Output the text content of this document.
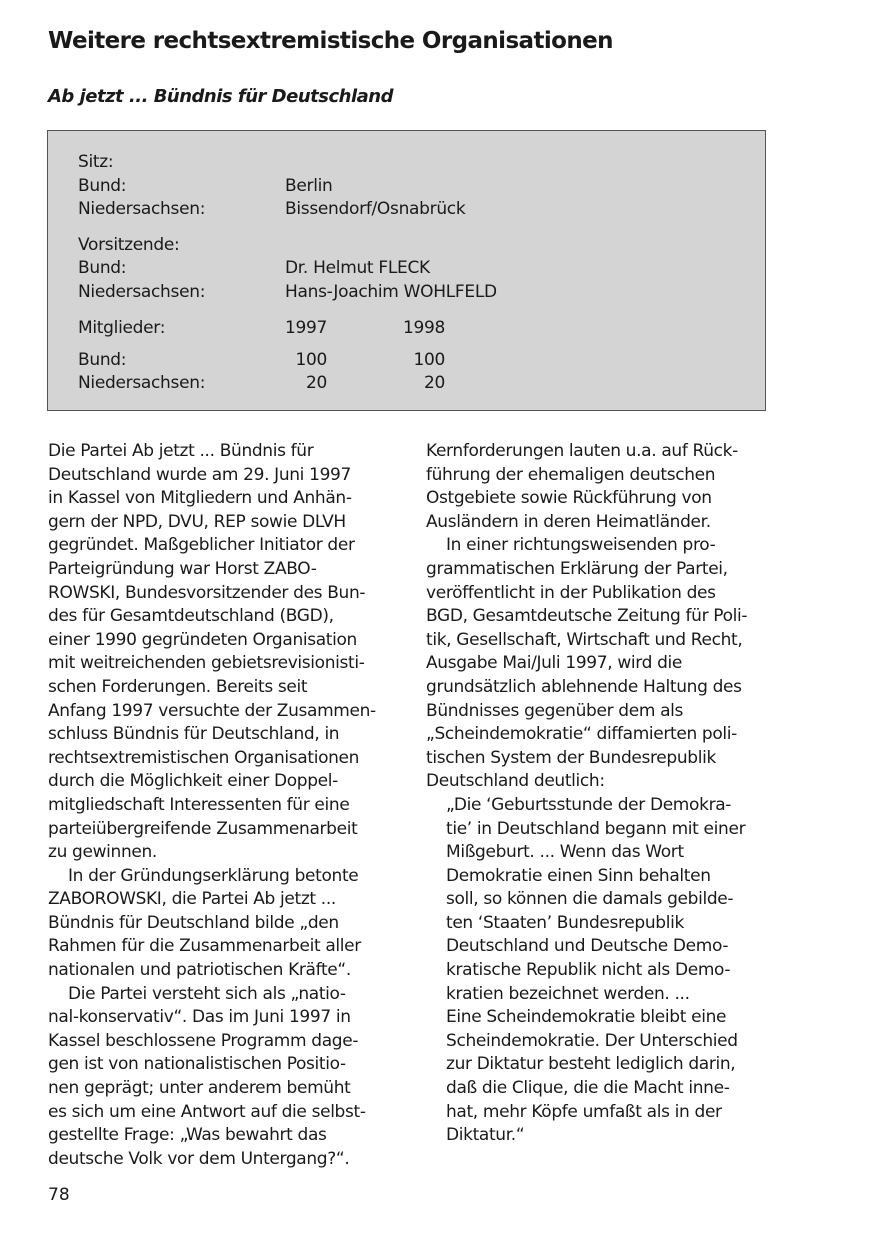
Weitere rechtsextremistische Organisationen
Ab jetzt ... Bündnis für Deutschland
Sitz:
Bund:	Berlin
Niedersachsen:	Bissendorf/Osnabrück
Vorsitzende:
Bund:	Dr. Helmut FLECK
Niedersachsen:	Hans-Joachim WOHLFELD
Mitglieder:	1997	1998
Bund:	100	100
Niedersachsen:	20	20
Die Partei Ab jetzt ... Bündnis für
Deutschland wurde am 29. Juni 1997
in Kassel von Mitgliedern und Anhän-
gern der NPD, DVU, REP sowie DLVH
gegründet. Maßgeblicher Initiator der
Parteigründung war Horst ZABO-
ROWSKI, Bundesvorsitzender des Bun-
des für Gesamtdeutschland (BGD),
einer 1990 gegründeten Organisation
mit weitreichenden gebietsrevisionisti-
schen Forderungen. Bereits seit
Anfang 1997 versuchte der Zusammen-
schluss Bündnis für Deutschland, in
rechtsextremistischen Organisationen
durch die Möglichkeit einer Doppel-
mitgliedschaft Interessenten für eine
parteiübergreifende Zusammenarbeit
zu gewinnen.
In der Gründungserklärung betonte
ZABOROWSKI, die Partei Ab jetzt ...
Bündnis für Deutschland bilde „den
Rahmen für die Zusammenarbeit aller
nationalen und patriotischen Kräfte“.
Die Partei versteht sich als „natio-
nal-konservativ“. Das im Juni 1997 in
Kassel beschlossene Programm dage-
gen ist von nationalistischen Positio-
nen geprägt; unter anderem bemüht
es sich um eine Antwort auf die selbst-
gestellte Frage: „Was bewahrt das
deutsche Volk vor dem Untergang?“.
Kernforderungen lauten u.a. auf Rück-
führung der ehemaligen deutschen
Ostgebiete sowie Rückführung von
Ausländern in deren Heimatländer.
In einer richtungsweisenden pro-
grammatischen Erklärung der Partei,
veröffentlicht in der Publikation des
BGD, Gesamtdeutsche Zeitung für Poli-
tik, Gesellschaft, Wirtschaft und Recht,
Ausgabe Mai/Juli 1997, wird die
grundsätzlich ablehnende Haltung des
Bündnisses gegenüber dem als
„Scheindemokratie“ diffamierten poli-
tischen System der Bundesrepublik
Deutschland deutlich:
„Die ‘Geburtsstunde der Demokra-
tie’ in Deutschland begann mit einer
Mißgeburt. ... Wenn das Wort
Demokratie einen Sinn behalten
soll, so können die damals gebilde-
ten ‘Staaten’ Bundesrepublik
Deutschland und Deutsche Demo-
kratische Republik nicht als Demo-
kratien bezeichnet werden. ...
Eine Scheindemokratie bleibt eine
Scheindemokratie. Der Unterschied
zur Diktatur besteht lediglich darin,
daß die Clique, die die Macht inne-
hat, mehr Köpfe umfaßt als in der
Diktatur.“
78
